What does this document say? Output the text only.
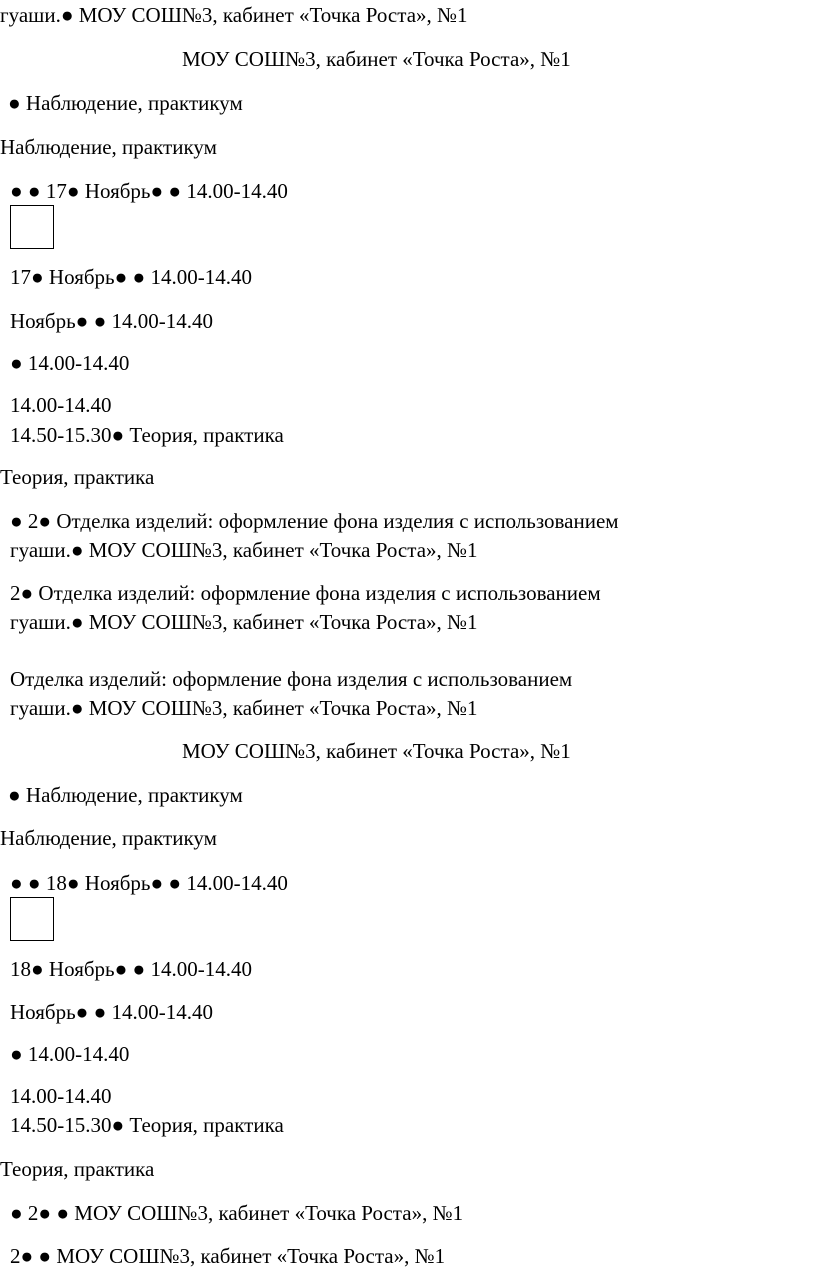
гуаши.● МОУ СОШ№3, кабинет «Точка Роста», №1
МОУ СОШ№3, кабинет «Точка Роста», №1
● Наблюдение, практикум
Наблюдение, практикум
● ● 17● Ноябрь● ● 14.00-14.40
17● Ноябрь● ● 14.00-14.40
Ноябрь● ● 14.00-14.40
● 14.00-14.40
14.00-14.40
14.50-15.30● Теория, практика
Теория, практика
● 2● Отделка изделий: оформление фона изделия с использованием
гуаши.● МОУ СОШ№3, кабинет «Точка Роста», №1
2● Отделка изделий: оформление фона изделия с использованием
гуаши.● МОУ СОШ№3, кабинет «Точка Роста», №1
Отделка изделий: оформление фона изделия с использованием
гуаши.● МОУ СОШ№3, кабинет «Точка Роста», №1
МОУ СОШ№3, кабинет «Точка Роста», №1
● Наблюдение, практикум
Наблюдение, практикум
● ● 18● Ноябрь● ● 14.00-14.40
18● Ноябрь● ● 14.00-14.40
Ноябрь● ● 14.00-14.40
● 14.00-14.40
14.00-14.40
14.50-15.30● Теория, практика
Теория, практика
● 2● ● МОУ СОШ№3, кабинет «Точка Роста», №1
2● ● МОУ СОШ№3, кабинет «Точка Роста», №1
